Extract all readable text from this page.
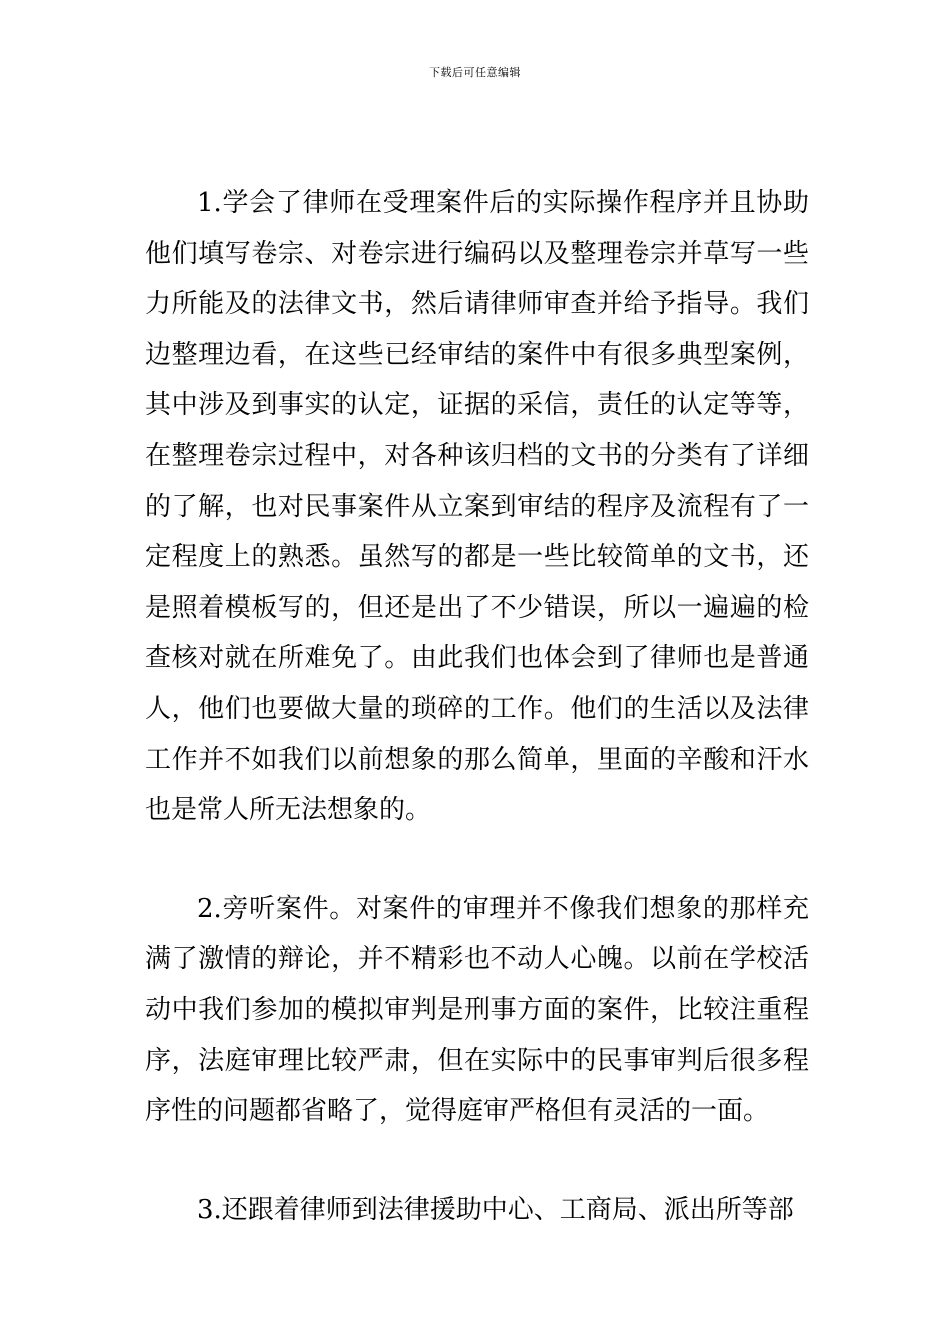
下载后可任意编辑

1.学会了律师在受理案件后的实际操作程序并且协助他们填写卷宗、对卷宗进行编码以及整理卷宗并草写一些力所能及的法律文书，然后请律师审查并给予指导。我们边整理边看，在这些已经审结的案件中有很多典型案例，其中涉及到事实的认定，证据的采信，责任的认定等等，在整理卷宗过程中，对各种该归档的文书的分类有了详细的了解，也对民事案件从立案到审结的程序及流程有了一定程度上的熟悉。虽然写的都是一些比较简单的文书，还是照着模板写的，但还是出了不少错误，所以一遍遍的检查核对就在所难免了。由此我们也体会到了律师也是普通人，他们也要做大量的琐碎的工作。他们的生活以及法律工作并不如我们以前想象的那么简单，里面的辛酸和汗水也是常人所无法想象的。

2.旁听案件。对案件的审理并不像我们想象的那样充满了激情的辩论，并不精彩也不动人心魄。以前在学校活动中我们参加的模拟审判是刑事方面的案件，比较注重程序，法庭审理比较严肃，但在实际中的民事审判后很多程序性的问题都省略了，觉得庭审严格但有灵活的一面。

3.还跟着律师到法律援助中心、工商局、派出所等部
